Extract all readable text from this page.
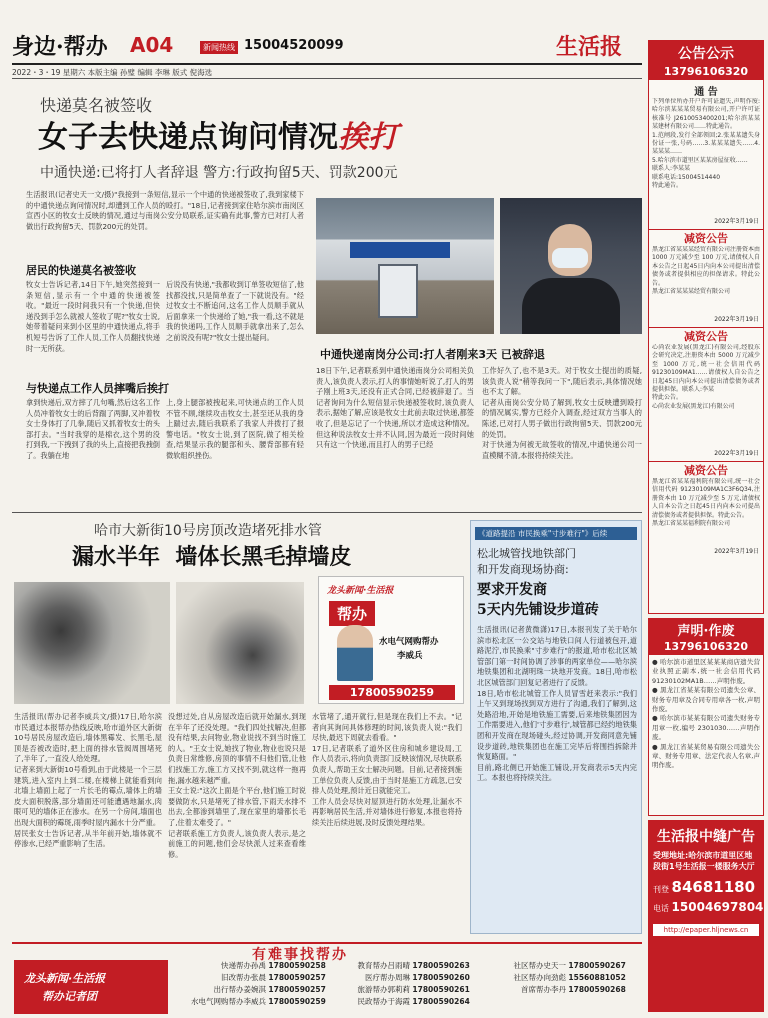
身边·帮办 A04	新闻热线 15004520099	生活报
2022・3・19 星期六 本版主编 孙璧 编辑 李琳 版式 倪海选
快递莫名被签收
女子去快递点询问情况挨打
中通快递:已将打人者辞退 警方:行政拘留5天、罚款200元
生活报讯(记者史天一文/摄)"我接到一条短信,显示一个中通的快递被签收了,我到家楼下的中通快递点询问情况时,却遭到工作人员的殴打。"18日,记者接到家住哈尔滨市南岗区宣西小区的牧女士反映的情况,通过与南岗公安分局联系,证实确有此事,警方已对打人者做出行政拘留5天、罚款200元的处罚。
居民的快递莫名被签收
牧女士告诉记者,14日下午,她突然接到一条短信,显示有一个中通的快递被签收。"最近一段时间我只有一个快递,但快递没到手怎么就被人签收了呢?"牧女士说,她带着疑问来到小区里的中通快递点,将手机短号告诉了工作人员,工作人员翻找快递时一无所获。
后说没有快递,"我都收到订单签收短信了,他找都没找,只是简单查了一下就说没有。"经过牧女士不断追问,这名工作人员顺手就从后面拿来一个快递给了她,"我一看,这不就是我的快递吗,工作人员顺手就拿出来了,怎么之前说没有呢?"牧女士提出疑问。
与快递点工作人员摔嘴后挨打
拿到快递后,双方摔了几句嘴,然后这名工作人员冲着牧女士的后背踹了两脚,又冲着牧女士身体打了几拳,随后又抓着牧女士的头部打去。"当时我穿的是棉衣,这个男的没打到我,一下拽到了我的头上,直接把我拽倒了。我躺在地
上,身上腿部被拽起来,可快递点的工作人员不管不顾,继续攻击牧女士,甚至还从我的身上踹过去,随后我联系了我家人并拨打了报警电话。"牧女士说,到了医院,做了相关检查,结果显示我的腿部和头、腰背部都有轻微软组织挫伤。
中通快递南岗分公司:打人者刚来3天 已被辞退
18日下午,记者联系到中通快递南岗分公司相关负责人,该负责人表示,打人的事情她听说了,打人的男子刚上班3天,还没有正式合同,已经被辞退了。当记者询问为什么短信显示快递被签收时,该负责人表示,据她了解,应该是牧女士此前去取过快递,都签收了,但是忘记了一个快递,所以才造成这种情况。但这种说法牧女士并不认同,因为最近一段时间她只有这一个快递,而且打人的男子已经
工作好久了,也不是3天。对于牧女士提出的质疑,该负责人说"稍等我问一下",随后表示,具体情况她也不太了解。
记者从南岗公安分局了解到,牧女士反映遭到殴打的情况属实,警方已经介入调查,经过双方当事人的陈述,已对打人男子做出行政拘留5天、罚款200元的处罚。
对于快递为何被无故签收的情况,中通快递公司一直模糊不清,本报将持续关注。
哈市大新街10号房顶改造堵死排水管
漏水半年  墙体长黑毛掉墙皮
龙头新闻·生活报
帮办
水电气网购帮办
李威兵
17800590259
生活报讯(帮办记者李威兵文/摄)17日,哈尔滨市民通过本报帮办热线反映,哈市道外区大新街10号居民房屋改造后,墙体黑霉发、长黑毛,屋顶是否被改造时,把上面的排水管阀周围堵死了,半年了,一直没人给处理。
记者来到大新街10号看到,由于此楼是一个三层建筑,进入室内上到二楼,在楼梯上就能看到向北墙上墙面上起了一片长毛的霉点,墙体上的墙皮大面积脱落,部分墙面还可能遭遇地漏水,肉眼可见的墙体正在渗水。在另一个房间,墙面也出现大面积的霉斑,雨季时屋内漏水十分严重。
居民张女士告诉记者,从半年前开始,墙体就不停渗水,已经严重影响了生活。
没想过处,自从房屋改造后就开始漏水,到现在半年了还没处理。"我们四处找解决,但都没有结果,去问物业,物业说找不到当时施工的人。"王女士说,她找了物业,物业也说只是负责日常维修,房顶的事情不归他们管,让他们找施工方,施工方又找不到,就这样一拖再拖,漏水越来越严重。
王女士说:"这次上面是个平台,他们施工时说要做防水,只是堵死了排水管,下雨天水排不出去,全都渗到墙里了,现在家里的墙都长毛了,住着太难受了。"
记者联系施工方负责人,该负责人表示,是之前施工的问题,他们会尽快派人过来查看维修。
水管堵了,通开就行,但是现在我们上不去。"记者向其询问具体修理的时间,该负责人说:"我们尽快,最迟下周就去看看。"
17日,记者联系了道外区住房和城乡建设局,工作人员表示,将向负责部门反映该情况,尽快联系负责人,帮助王女士解决问题。目前,记者接到施工单位负责人反馈,由于当时是施工方疏忽,已安排人员处理,预计近日就能完工。
工作人员会尽快对屋顶进行防水处理,让漏水不再影响居民生活,并对墙体进行修复,本报也将持续关注后续进展,及时反馈处理结果。
《道路提沿 市民换乘"寸步难行"》后续
松北城管找地铁部门
和开发商现场协商:
要求开发商
5天内先铺设步道砖
生活报讯(记者黄微潇)17日,本报刊发了关于哈尔滨市松北区一公交站与地铁口间人行道被包开,道路泥泞,市民换乘"寸步难行"的报道,哈市松北区城管部门第一时间协调了涉事的两家单位——哈尔滨地铁集团和北湖明珠一块地开发商。18日,哈市松北区城管部门回复记者进行了反馈。
18日,哈市松北城管工作人员冒雪赶来表示:"我们上午又到现场找到双方进行了沟通,我们了解到,这处路沿地,开始是地铁施工需要,后来地铁集团因为工作需要进入,他们'寸步难行',城管都已经约地铁集团和开发商在现场碰头,经过协调,开发商同意先铺设步道砖,地铁集团也在施工完毕后将围挡拆除并恢复路面。"
目前,路北侧已开始施工铺设,开发商表示5天内完工。本报也将持续关注。
有难事找帮办
龙头新闻·生活报
帮办记者团
快递帮办孙禹 17800590258
旧改帮办张晨 17800590257
出行帮办姜婉淇 17800590257
水电气网购帮办李威兵 17800590259
教育帮办吕雨晴 17800590263
医疗帮办周琳 17800590260
旅游帮办郭莉莉 17800590261
民政帮办于海霞 17800590264
社区帮办史天一 17800590267
社区帮办向劲彪 15560881052
首席帮办李丹 17800590268
公告公示
13796106320
通 告
下列单位所办开户许可证遗失,声明作废:哈尔滨某某某贸易有限公司,开户许可证核准号 J2610053400201;哈尔滨某某某建材有限公司……特此通告。
1.范闸段,发行全部领回;2.张某某遗失身份证一张,号码……3.某某某遗失……4.某某某……
5.哈尔滨市道里区某某房屋征收……
联系人:李某某
联系电话:15004514440
特此通告。
2022年3月19日
减资公告
黑龙江省某某某经贸有限公司注册资本由 1000 万元减少至 100 万元,请债权人自本公告之日起45日内向本公司提出清偿债务或者提供相应的担保请求。特此公告。
黑龙江省某某某经贸有限公司
2022年3月19日
减资公告
心尚农业发展(黑龙江)有限公司,经股东会研究决定,注册资本由 5000 万元减少至 1000 万元,统一社会信用代码91230109MA1……请债权人自公告之日起45日内向本公司提出清偿债务或者提供担保。联系人:李某
特此公告。
心尚农业发展(黑龙江)有限公司
2022年3月19日
减资公告
黑龙江省某某福利院有限公司,统一社会信用代码 91230109MA1C3F6Q34,注册资本由 10 万元减少至 5 万元,请债权人自本公告之日起45日内向本公司提出清偿债务或者提供担保。特此公告。
黑龙江省某某福利院有限公司
2022年3月19日
声明·作废
13796106320
● 哈尔滨市道里区某某某商店遗失营业执照正副本,统一社会信用代码 91230102MA1B……声明作废。
● 黑龙江省某某有限公司遗失公章、财务专用章及合同专用章各一枚,声明作废。
● 哈尔滨市某某有限公司遗失财务专用章一枚,编号 2301030……声明作废。
● 黑龙江省某某贸易有限公司遗失公章、财务专用章、法定代表人名章,声明作废。
生活报中缝广告
受理地址:哈尔滨市道里区地段街1号生活报一楼服务大厅
刊登 84681180
电话 15004697804
http://epaper.hljnews.cn
